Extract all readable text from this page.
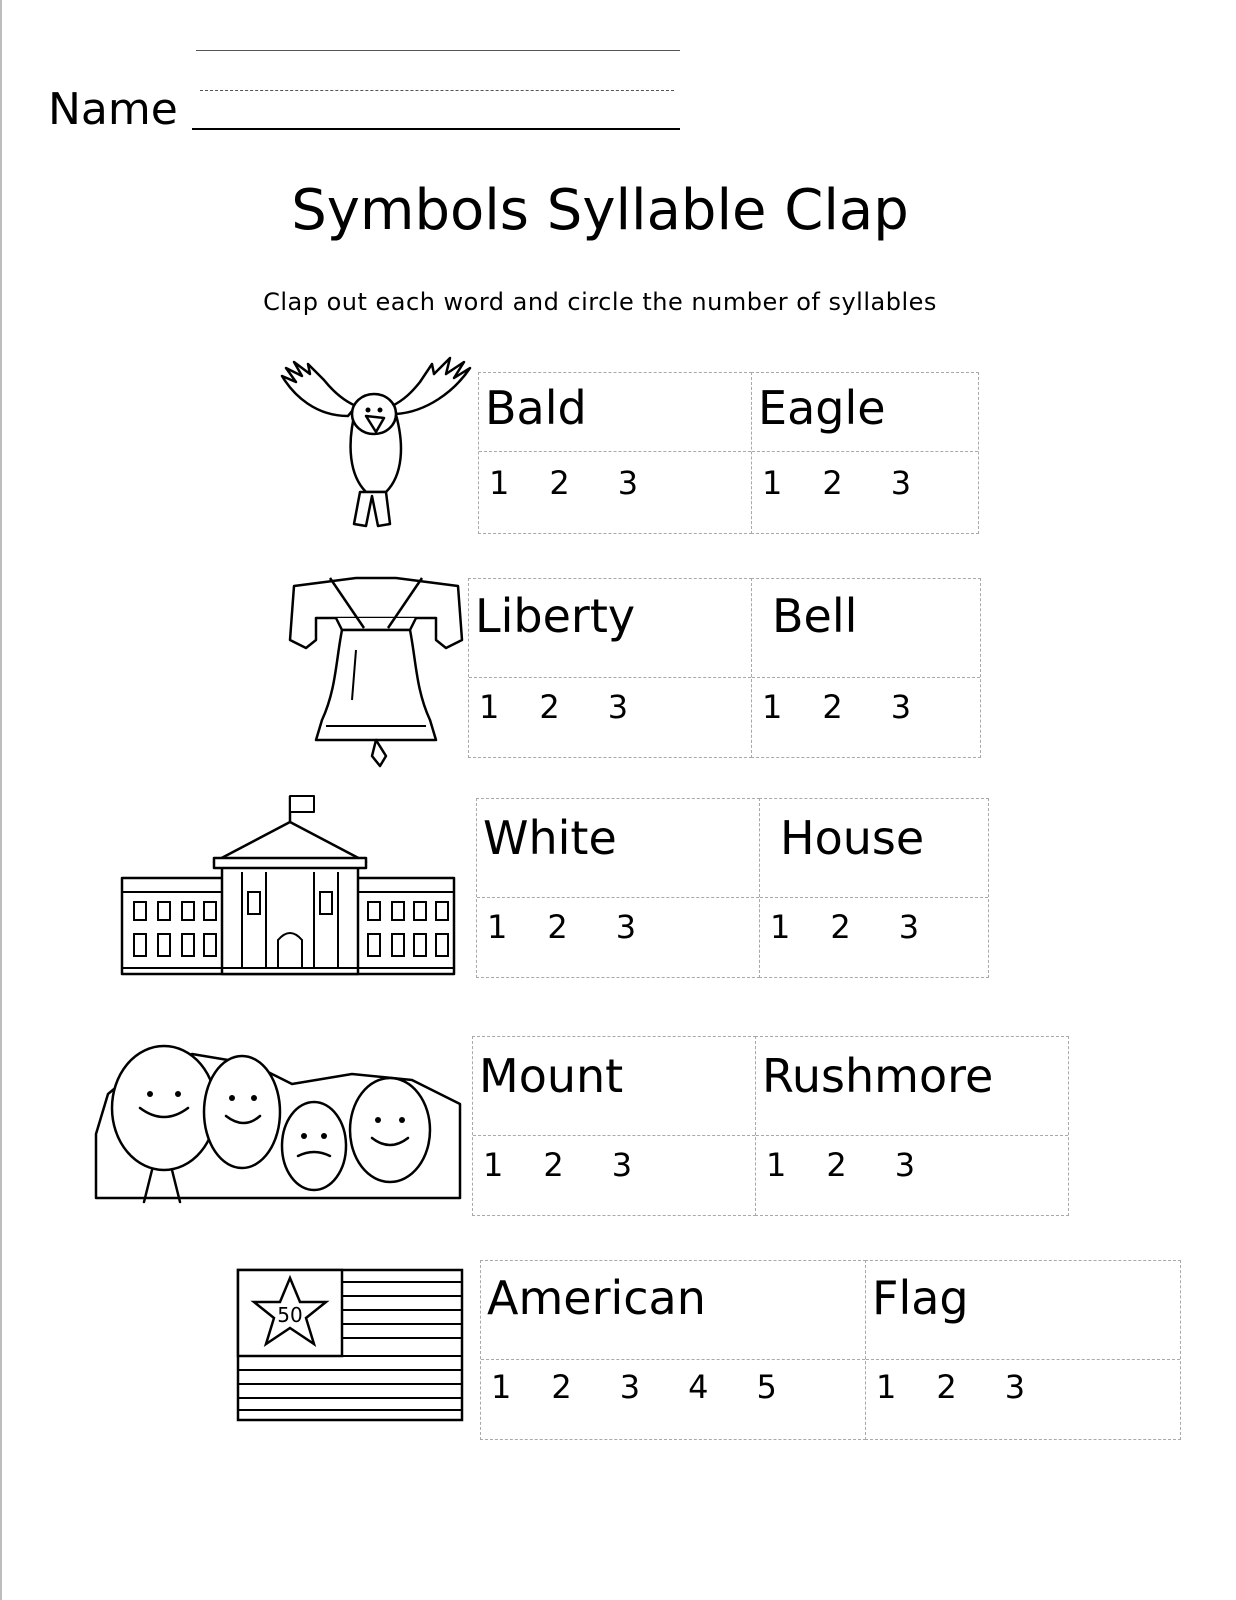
Name
Symbols Syllable Clap
Clap out each word and circle the number of syllables
Bald
1 2 3
Eagle
1 2 3
Liberty
1 2 3
Bell
1 2 3
White
1 2 3
House
1 2 3
Mount
1 2 3
Rushmore
1 2 3
50	American
1 2 3 4 5
Flag
1 2 3
